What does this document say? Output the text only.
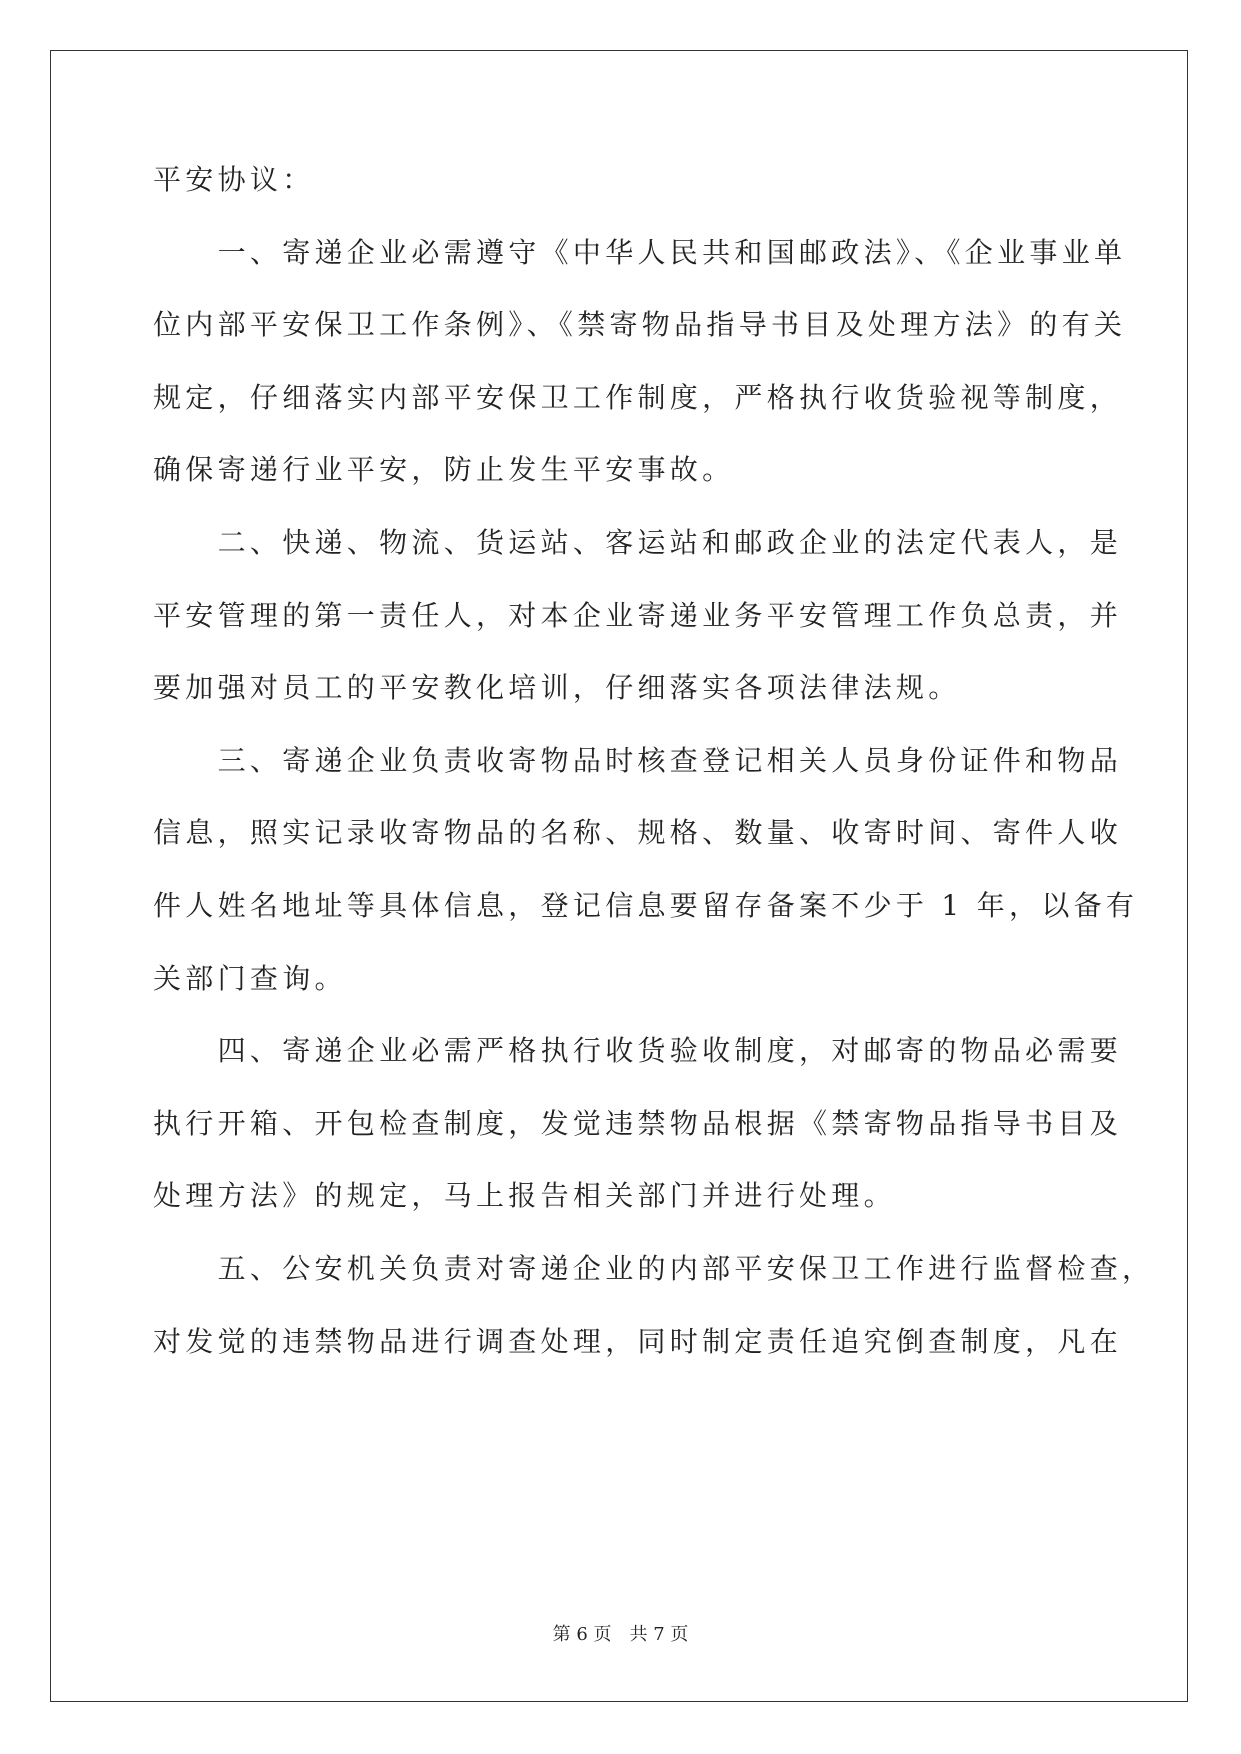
平安协议：
　　一、寄递企业必需遵守《中华人民共和国邮政法》、《企业事业单
位内部平安保卫工作条例》、《禁寄物品指导书目及处理方法》的有关
规定，仔细落实内部平安保卫工作制度，严格执行收货验视等制度，
确保寄递行业平安，防止发生平安事故。
　　二、快递、物流、货运站、客运站和邮政企业的法定代表人，是
平安管理的第一责任人，对本企业寄递业务平安管理工作负总责，并
要加强对员工的平安教化培训，仔细落实各项法律法规。
　　三、寄递企业负责收寄物品时核查登记相关人员身份证件和物品
信息，照实记录收寄物品的名称、规格、数量、收寄时间、寄件人收
件人姓名地址等具体信息，登记信息要留存备案不少于 1 年，以备有
关部门查询。
　　四、寄递企业必需严格执行收货验收制度，对邮寄的物品必需要
执行开箱、开包检查制度，发觉违禁物品根据《禁寄物品指导书目及
处理方法》的规定，马上报告相关部门并进行处理。
　　五、公安机关负责对寄递企业的内部平安保卫工作进行监督检查，
对发觉的违禁物品进行调查处理，同时制定责任追究倒查制度，凡在
第 6 页 共 7 页
